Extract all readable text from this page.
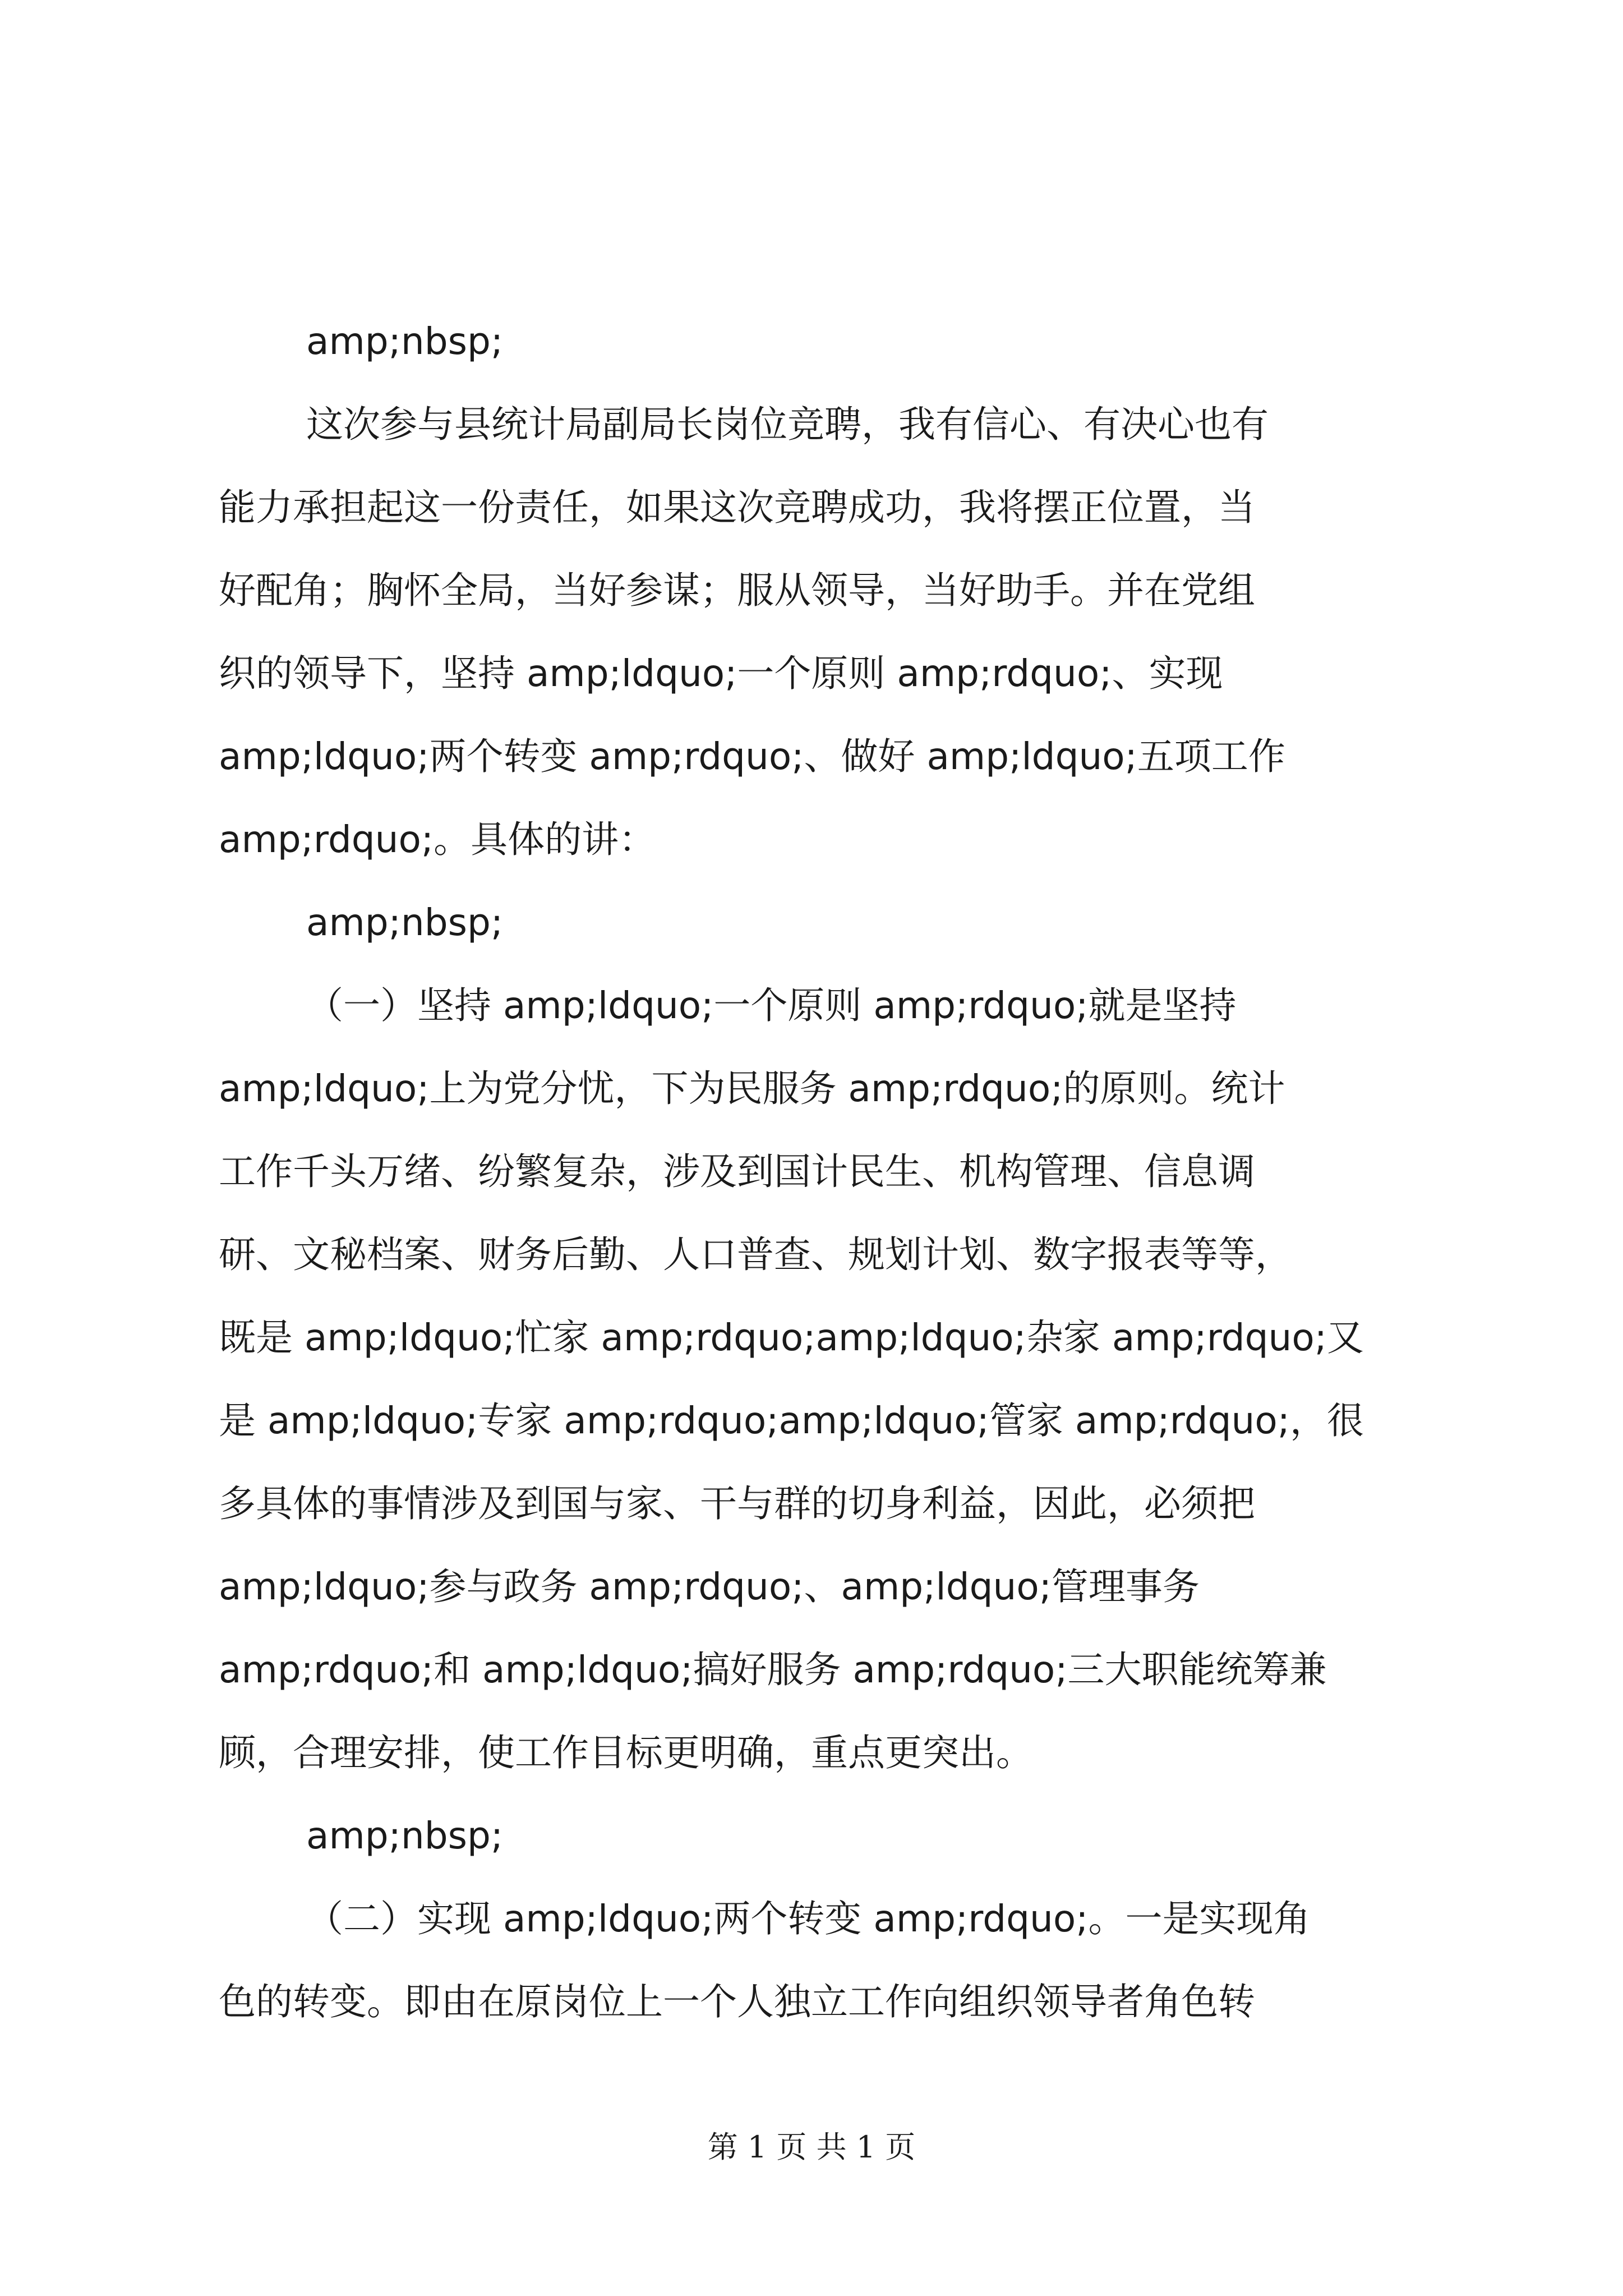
amp;nbsp;
这次参与县统计局副局长岗位竞聘，我有信心、有决心也有
能力承担起这一份责任，如果这次竞聘成功，我将摆正位置，当
好配角；胸怀全局，当好参谋；服从领导，当好助手。并在党组
织的领导下，坚持 amp;ldquo;一个原则 amp;rdquo;、实现
amp;ldquo;两个转变 amp;rdquo;、做好 amp;ldquo;五项工作
amp;rdquo;。具体的讲：
amp;nbsp;
（一）坚持 amp;ldquo;一个原则 amp;rdquo;就是坚持
amp;ldquo;上为党分忧，下为民服务 amp;rdquo;的原则。统计
工作千头万绪、纷繁复杂，涉及到国计民生、机构管理、信息调
研、文秘档案、财务后勤、人口普查、规划计划、数字报表等等，
既是 amp;ldquo;忙家 amp;rdquo;amp;ldquo;杂家 amp;rdquo;又
是 amp;ldquo;专家 amp;rdquo;amp;ldquo;管家 amp;rdquo;，很
多具体的事情涉及到国与家、干与群的切身利益，因此，必须把
amp;ldquo;参与政务 amp;rdquo;、amp;ldquo;管理事务
amp;rdquo;和 amp;ldquo;搞好服务 amp;rdquo;三大职能统筹兼
顾，合理安排，使工作目标更明确，重点更突出。
amp;nbsp;
（二）实现 amp;ldquo;两个转变 amp;rdquo;。一是实现角
色的转变。即由在原岗位上一个人独立工作向组织领导者角色转
第 1 页 共 1 页
